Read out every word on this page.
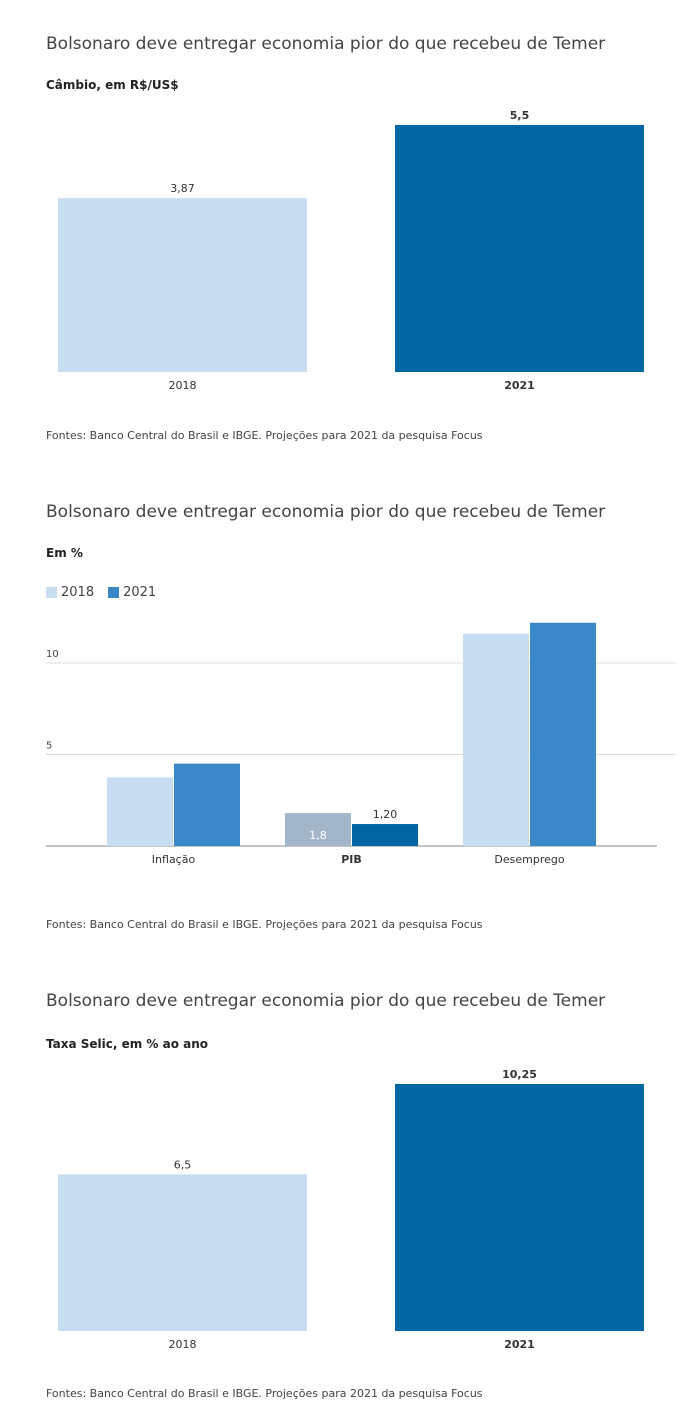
Bolsonaro deve entregar economia pior do que recebeu de Temer
Câmbio, em R$/US$
3,87
2018
5,5
2021
Fontes: Banco Central do Brasil e IBGE. Projeções para 2021 da pesquisa Focus
Bolsonaro deve entregar economia pior do que recebeu de Temer
Em %
2018 2021
5
10
Inflação
1,8
1,20
PIB	Desemprego
Fontes: Banco Central do Brasil e IBGE. Projeções para 2021 da pesquisa Focus
Bolsonaro deve entregar economia pior do que recebeu de Temer
Taxa Selic, em % ao ano
6,5
2018
10,25
2021
Fontes: Banco Central do Brasil e IBGE. Projeções para 2021 da pesquisa Focus
